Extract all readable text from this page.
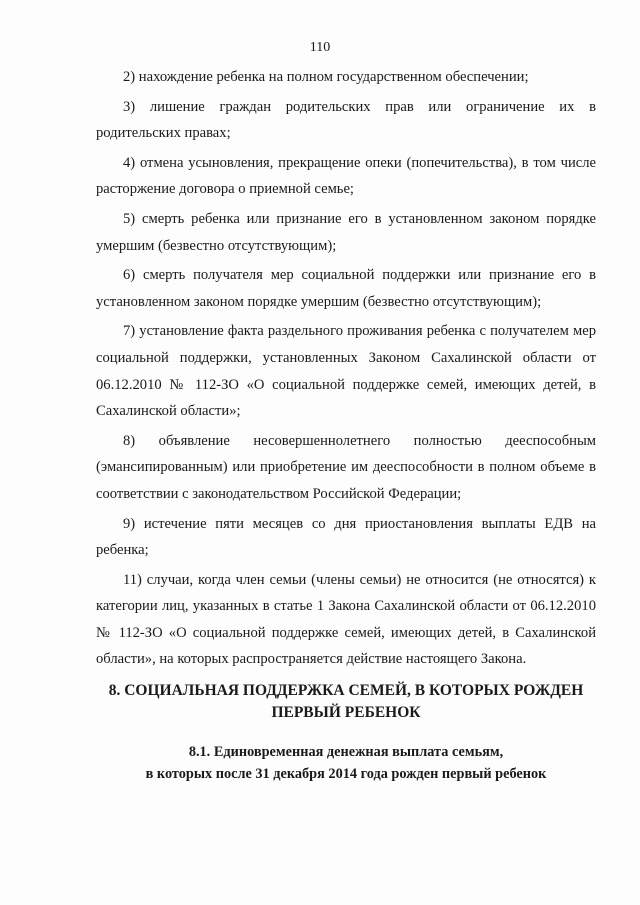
110

2) нахождение ребенка на полном государственном обеспечении;

3) лишение граждан родительских прав или ограничение их в родительских правах;

4) отмена усыновления, прекращение опеки (попечительства), в том числе расторжение договора о приемной семье;

5) смерть ребенка или признание его в установленном законом порядке умершим (безвестно отсутствующим);

6) смерть получателя мер социальной поддержки или признание его в установленном законом порядке умершим (безвестно отсутствующим);

7) установление факта раздельного проживания ребенка с получателем мер социальной поддержки, установленных Законом Сахалинской области от 06.12.2010 № 112-ЗО «О социальной поддержке семей, имеющих детей, в Сахалинской области»;

8) объявление несовершеннолетнего полностью дееспособным (эмансипированным) или приобретение им дееспособности в полном объеме в соответствии с законодательством Российской Федерации;

9) истечение пяти месяцев со дня приостановления выплаты ЕДВ на ребенка;

11) случаи, когда член семьи (члены семьи) не относится (не относятся) к категории лиц, указанных в статье 1 Закона Сахалинской области от 06.12.2010 № 112-ЗО «О социальной поддержке семей, имеющих детей, в Сахалинской области», на которых распространяется действие настоящего Закона.

8. СОЦИАЛЬНАЯ ПОДДЕРЖКА СЕМЕЙ, В КОТОРЫХ РОЖДЕН
ПЕРВЫЙ РЕБЕНОК
8.1. Единовременная денежная выплата семьям,
в которых после 31 декабря 2014 года рожден первый ребенок
